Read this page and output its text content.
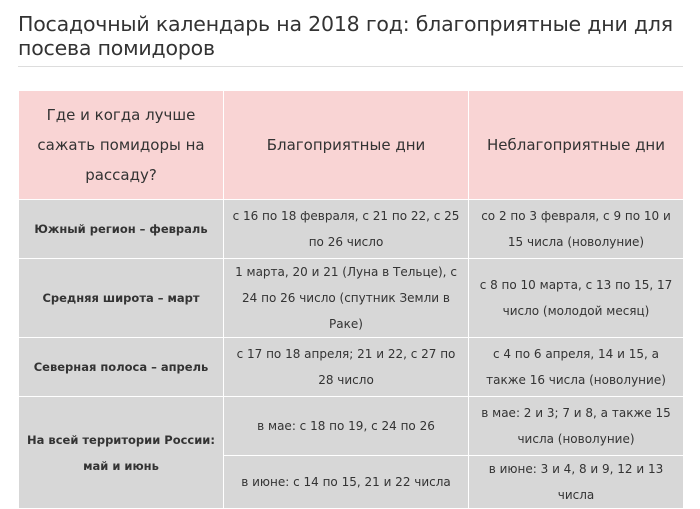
Посадочный календарь на 2018 год: благоприятные дни для посева помидоров
Где и когда лучше сажать помидоры на рассаду?	Благоприятные дни	Неблагоприятные дни
Южный регион – февраль	с 16 по 18 февраля, с 21 по 22, с 25 по 26 число	со 2 по 3 февраля, с 9 по 10 и 15 числа (новолуние)
Средняя широта – март	1 марта, 20 и 21 (Луна в Тельце), с 24 по 26 число (спутник Земли в Раке)	с 8 по 10 марта, с 13 по 15, 17 число (молодой месяц)
Северная полоса – апрель	с 17 по 18 апреля; 21 и 22, с 27 по 28 число	с 4 по 6 апреля, 14 и 15, а также 16 числа (новолуние)
На всей территории России: май и июнь	в мае: с 18 по 19, с 24 по 26	в мае: 2 и 3; 7 и 8, а также 15 числа (новолуние)
	в июне: с 14 по 15, 21 и 22 числа	в июне: 3 и 4, 8 и 9, 12 и 13 числа
